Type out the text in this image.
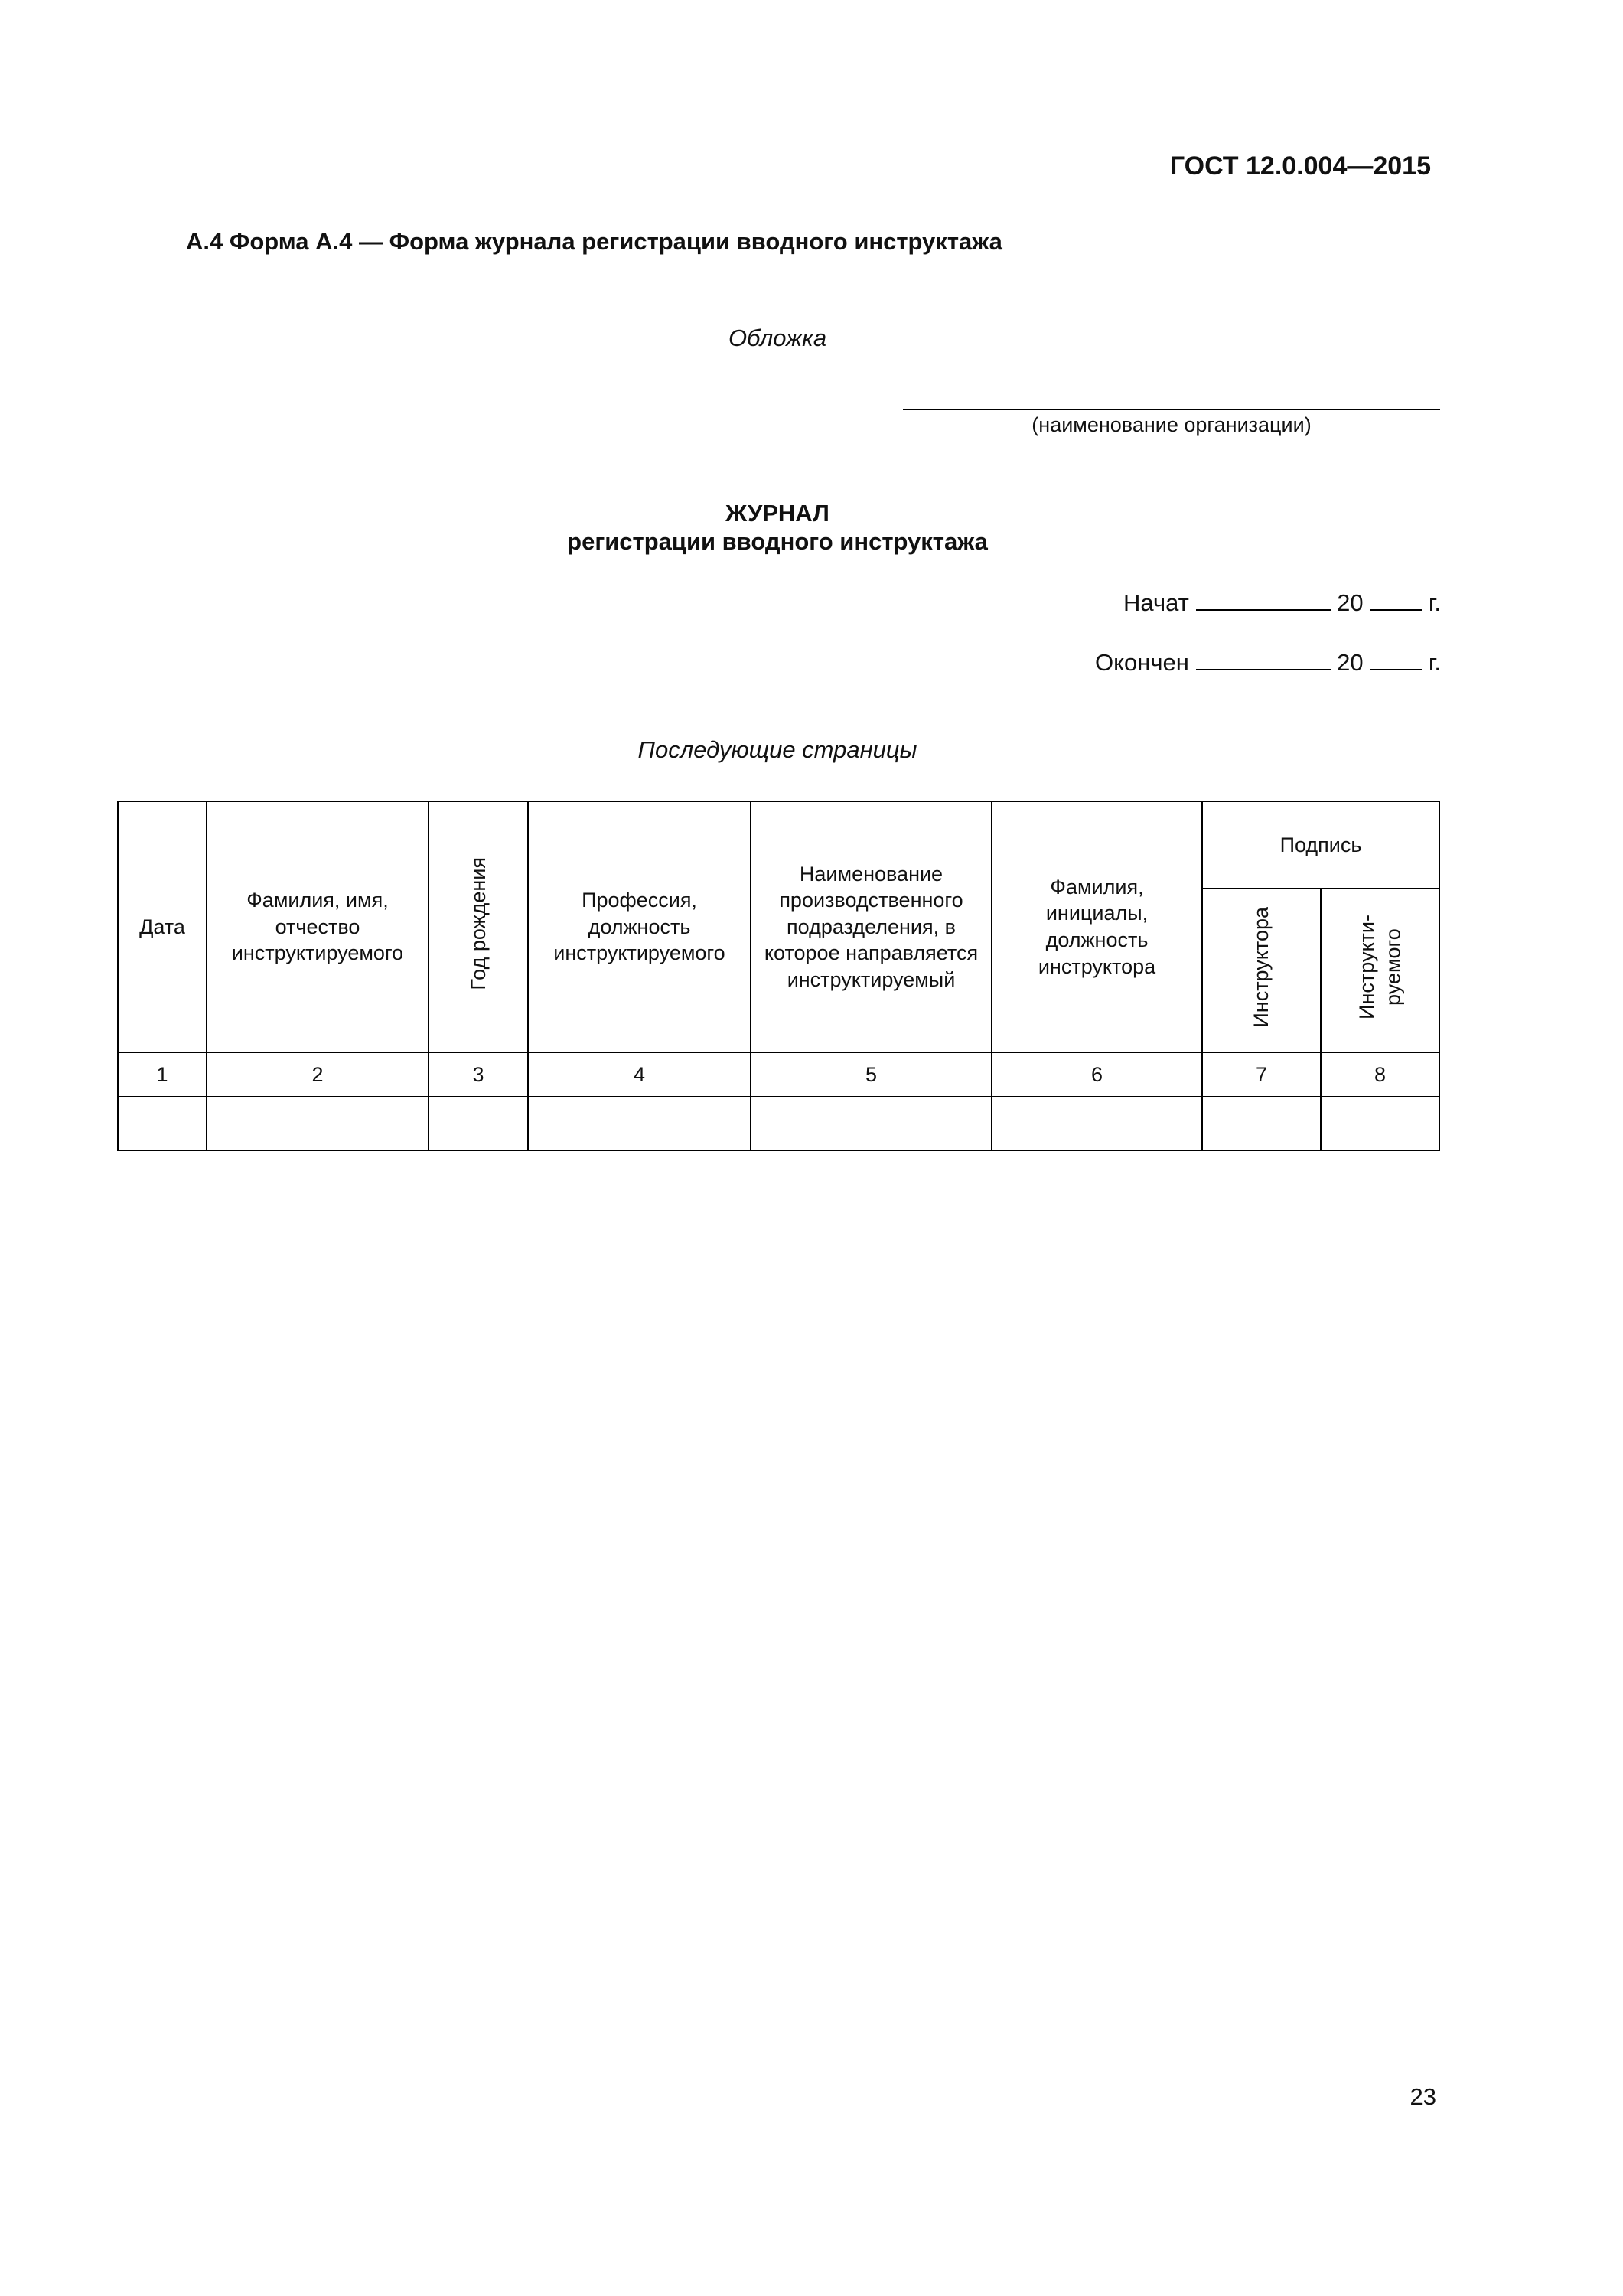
ГОСТ 12.0.004—2015
А.4 Форма А.4 — Форма журнала регистрации вводного инструктажа
Обложка
(наименование организации)
ЖУРНАЛ
регистрации вводного инструктажа
Начат	20	г.
Окончен	20	г.
Последующие страницы
Дата	Фамилия, имя, отчество инструктируемого	Год рождения	Профессия, должность инструктируемого	Наименование производственного подразделения, в которое направляется инструктируемый	Фамилия, инициалы, должность инструктора	Подпись	
						Инструктора	Инструкти- руемого
1	2	3	4	5	6	7	8

23
